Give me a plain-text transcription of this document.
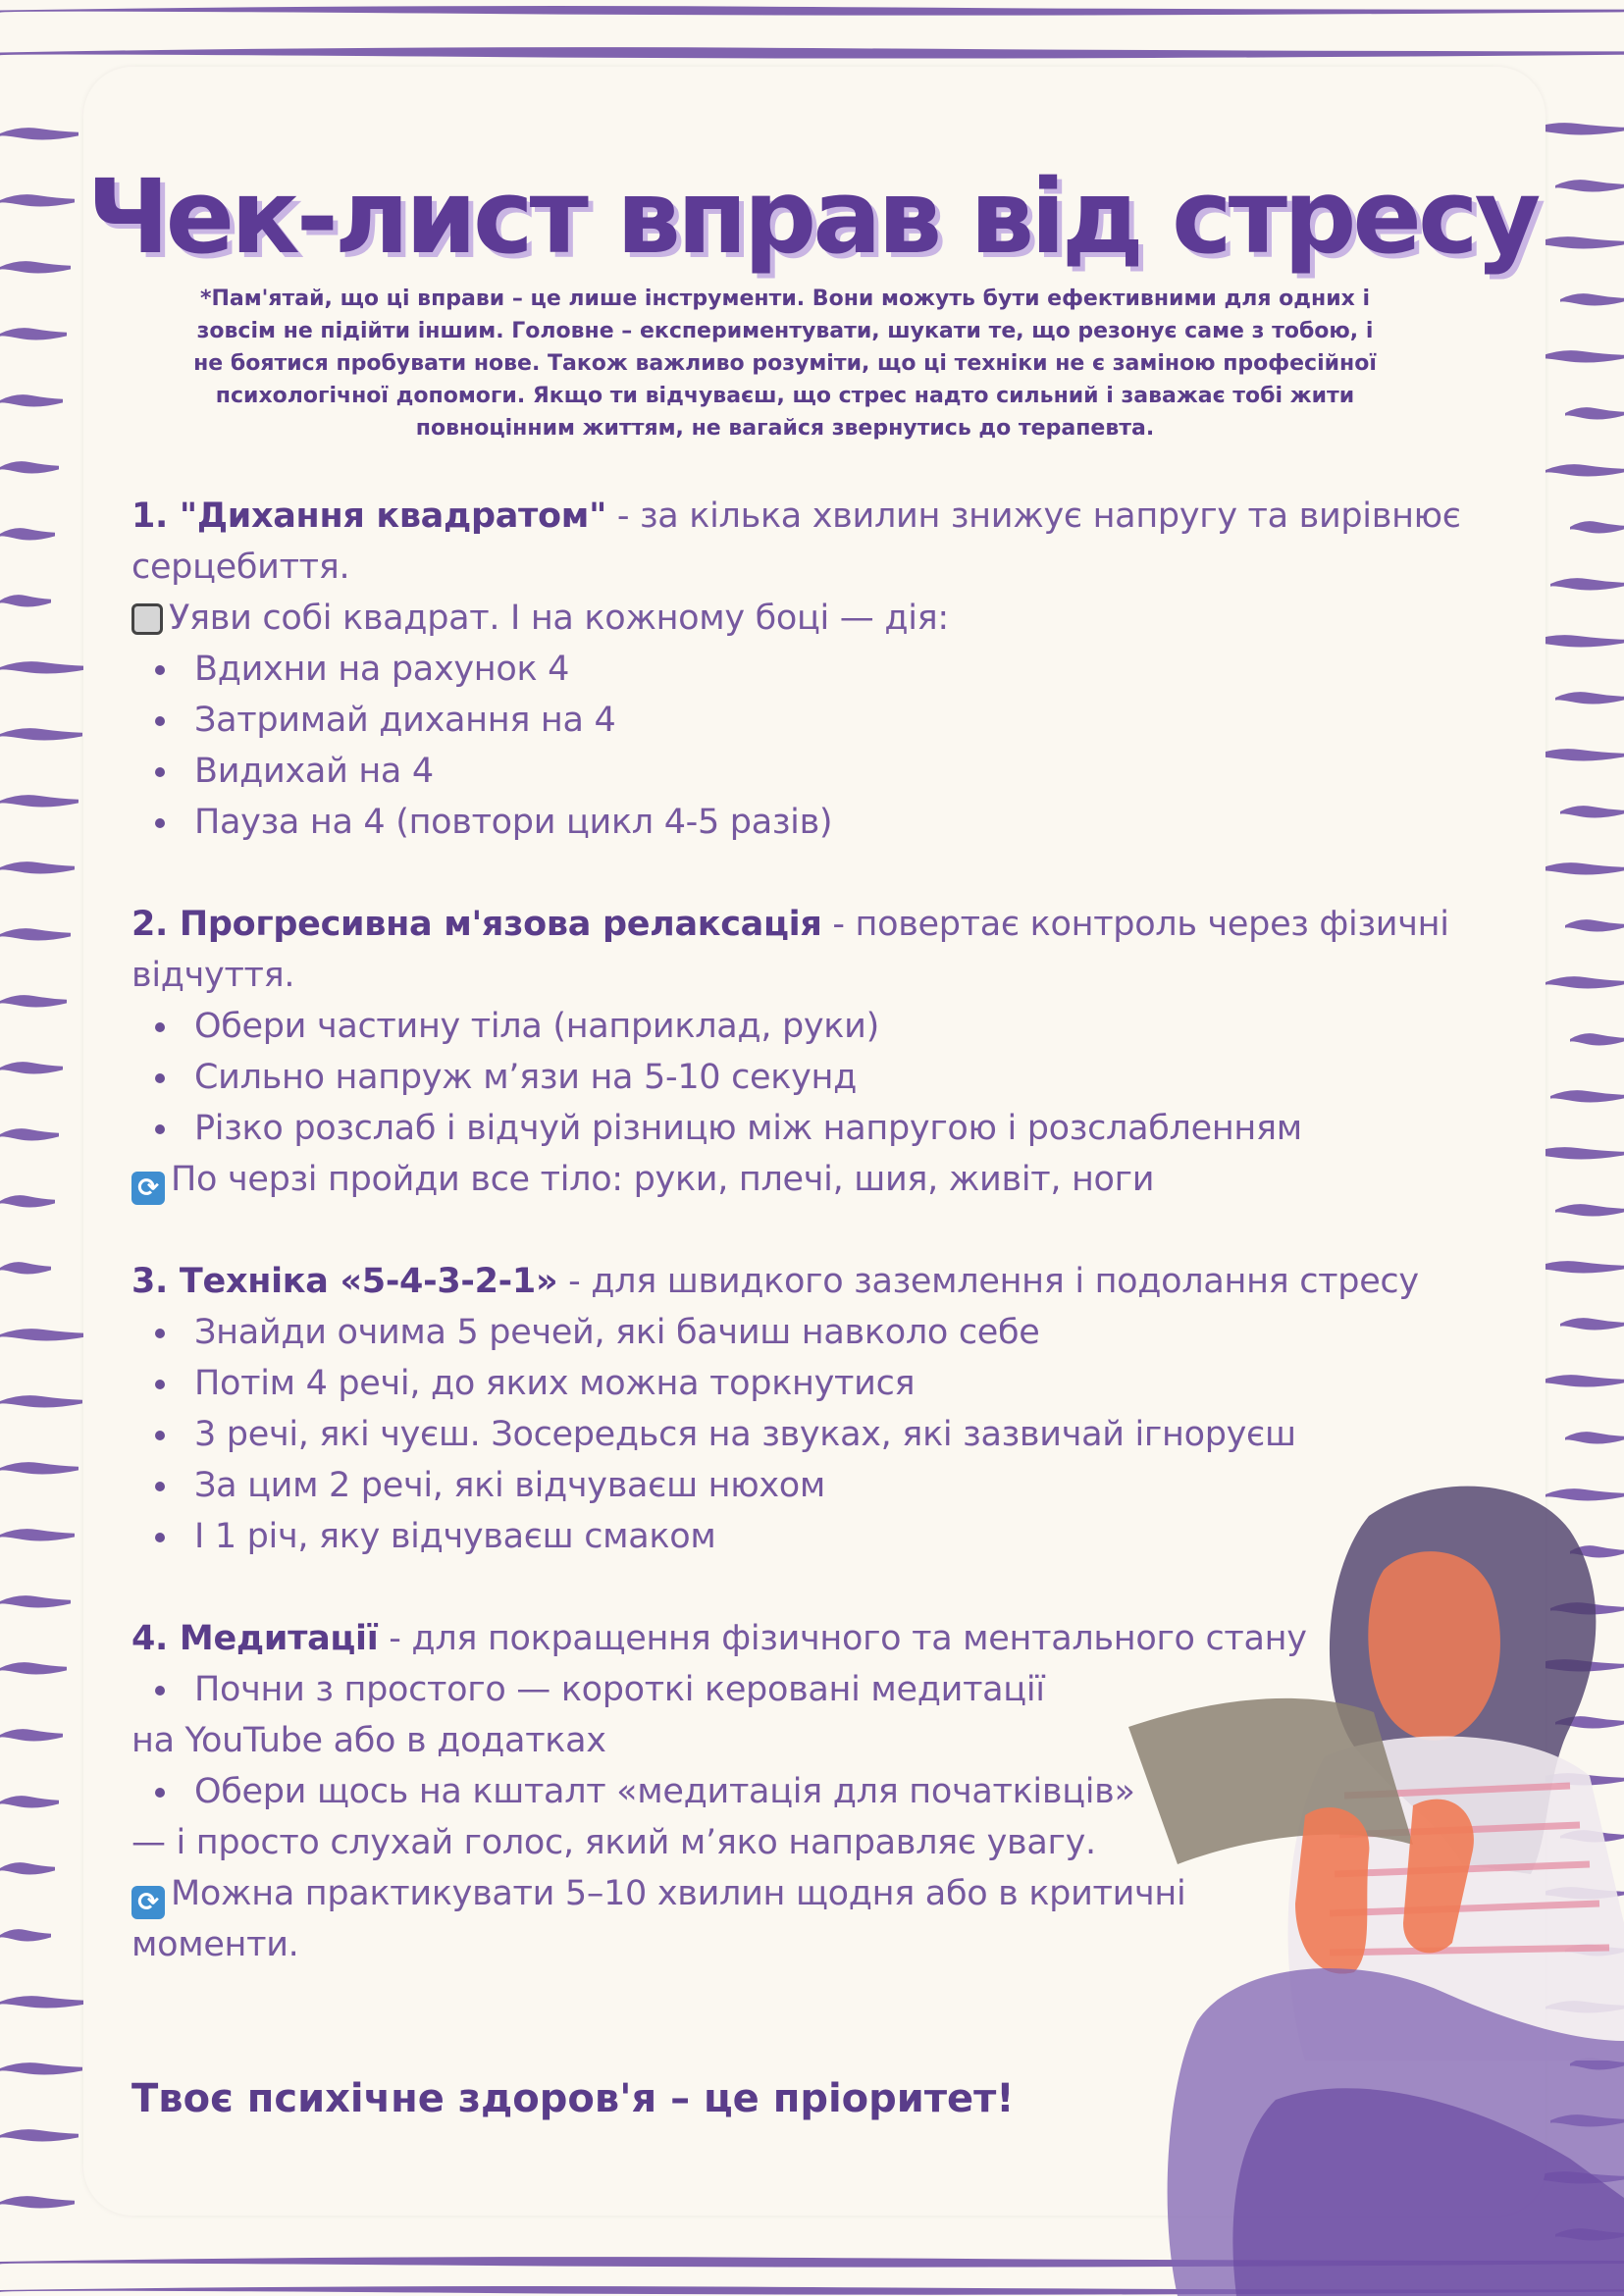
Чек-лист вправ від стресу

*Пам'ятай, що ці вправи – це лише інструменти. Вони можуть бути ефективними для одних і зовсім не підійти іншим. Головне – експериментувати, шукати те, що резонує саме з тобою, і не боятися пробувати нове. Також важливо розуміти, що ці техніки не є заміною професійної психологічної допомоги. Якщо ти відчуваєш, що стрес надто сильний і заважає тобі жити повноцінним життям, не вагайся звернутись до терапевта.

1. "Дихання квадратом" - за кілька хвилин знижує напругу та вирівнює
серцебиття.
Уяви собі квадрат. І на кожному боці — дія:
Вдихни на рахунок 4
Затримай дихання на 4
Видихай на 4
Пауза на 4 (повтори цикл 4-5 разів)
2. Прогресивна м'язова релаксація - повертає контроль через фізичні
відчуття.
Обери частину тіла (наприклад, руки)
Сильно напруж м’язи на 5-10 секунд
Різко розслаб і відчуй різницю між напругою і розслабленням
⟳ По черзі пройди все тіло: руки, плечі, шия, живіт, ноги
3. Техніка «5-4-3-2-1» - для швидкого заземлення і подолання стресу
Знайди очима 5 речей, які бачиш навколо себе
Потім 4 речі, до яких можна торкнутися
3 речі, які чуєш. Зосередься на звуках, які зазвичай ігноруєш
За цим 2 речі, які відчуваєш нюхом
І 1 річ, яку відчуваєш смаком
4. Медитації - для покращення фізичного та ментального стану
Почни з простого — короткі керовані медитації
на YouTube або в додатках
Обери щось на кшталт «медитація для початківців»
— і просто слухай голос, який м’яко направляє увагу.
⟳ Можна практикувати 5–10 хвилин щодня або в критичні
моменти.

Твоє психічне здоров'я – це пріоритет!
